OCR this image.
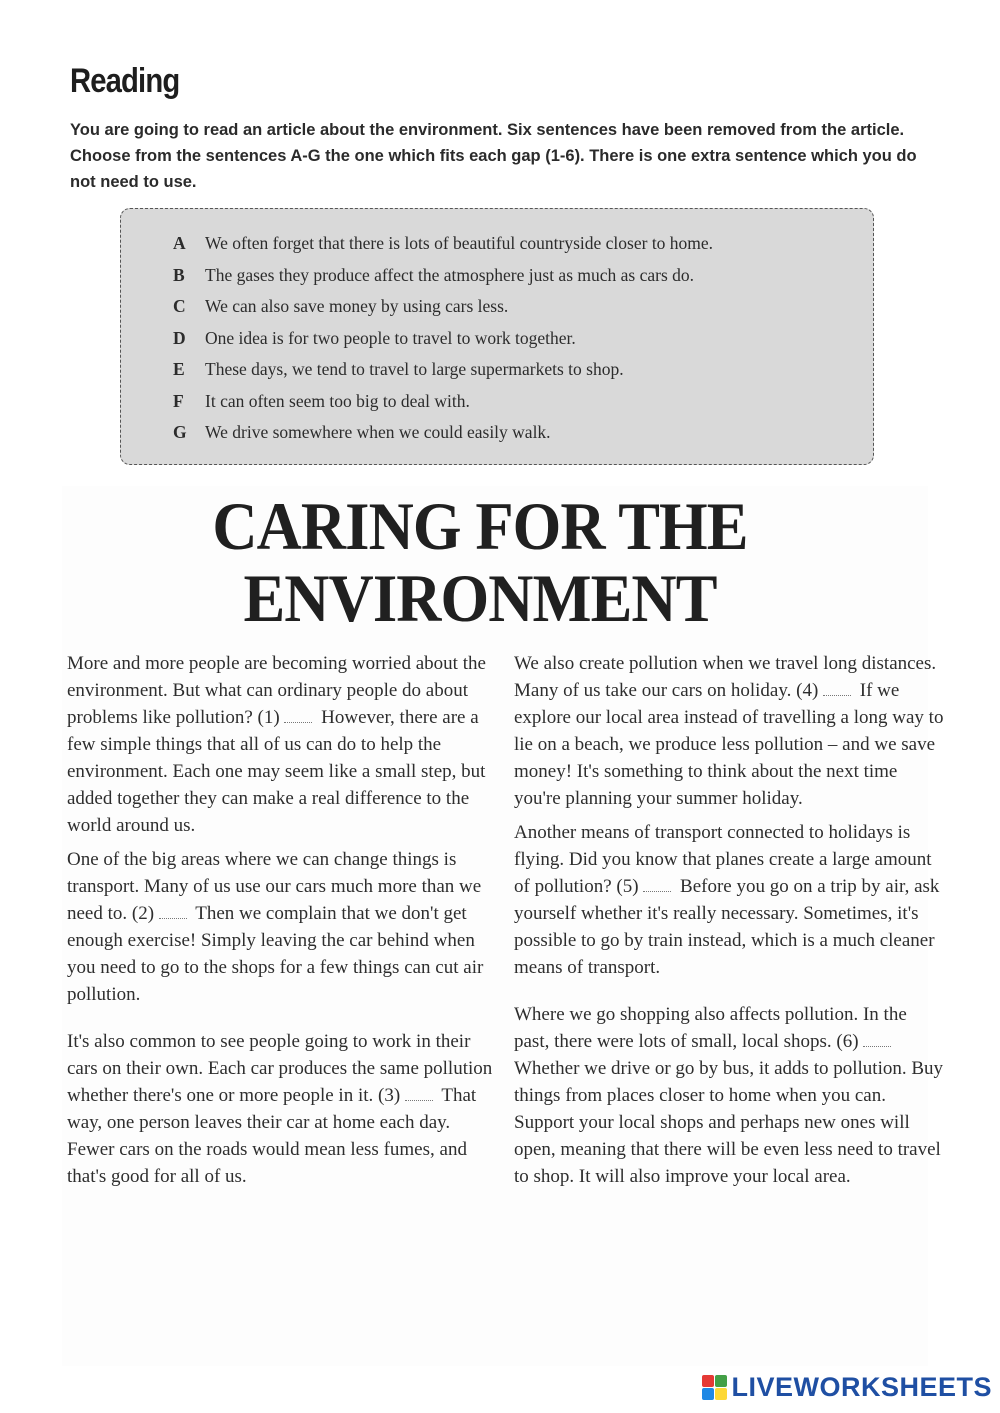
Reading

You are going to read an article about the environment. Six sentences have been removed from the article. Choose from the sentences A-G the one which fits each gap (1-6). There is one extra sentence which you do not need to use.

A We often forget that there is lots of beautiful countryside closer to home.
B The gases they produce affect the atmosphere just as much as cars do.
C We can also save money by using cars less.
D One idea is for two people to travel to work together.
E These days, we tend to travel to large supermarkets to shop.
F It can often seem too big to deal with.
G We drive somewhere when we could easily walk.
CARING FOR THE
ENVIRONMENT

More and more people are becoming worried about the environment. But what can ordinary people do about problems like pollution? (1) However, there are a few simple things that all of us can do to help the environment. Each one may seem like a small step, but added together they can make a real difference to the world around us.

One of the big areas where we can change things is transport. Many of us use our cars much more than we need to. (2) Then we complain that we don't get enough exercise! Simply leaving the car behind when you need to go to the shops for a few things can cut air pollution.

It's also common to see people going to work in their cars on their own. Each car produces the same pollution whether there's one or more people in it. (3) That way, one person leaves their car at home each day. Fewer cars on the roads would mean less fumes, and that's good for all of us.

We also create pollution when we travel long distances. Many of us take our cars on holiday. (4) If we explore our local area instead of travelling a long way to lie on a beach, we produce less pollution – and we save money! It's something to think about the next time you're planning your summer holiday.

Another means of transport connected to holidays is flying. Did you know that planes create a large amount of pollution? (5) Before you go on a trip by air, ask yourself whether it's really necessary. Sometimes, it's possible to go by train instead, which is a much cleaner means of transport.

Where we go shopping also affects pollution. In the past, there were lots of small, local shops. (6)  Whether we drive or go by bus, it adds to pollution. Buy things from places closer to home when you can. Support your local shops and perhaps new ones will open, meaning that there will be even less need to travel to shop. It will also improve your local area.

LIVEWORKSHEETS
